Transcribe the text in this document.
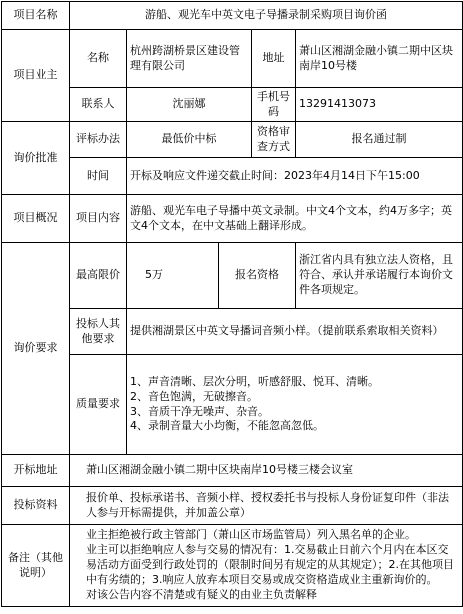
项目名称	游船、观光车中英文电子导播录制采购项目询价函				
项目业主	名称	杭州跨湖桥景区建设管理有限公司		地址	萧山区湘湖金融小镇二期中区块南岸10号楼
	联系人	沈丽娜		手机号码	13291413073
询价批准	评标办法	最低价中标		资格审查方式	报名通过制
	时间	开标及响应文件递交截止时间：2023年4月14日下午15:00			
项目概况	项目内容	游船、观光车电子导播中英文录制。中文4个文本，约4万多字；英文4个文本，在中文基础上翻译形成。			
询价要求	最高限价	5万	报名资格		浙江省内具有独立法人资格，且符合、承认并承诺履行本询价文件各项规定。
	投标人其他要求	提供湘湖景区中英文导播词音频小样。（提前联系索取相关资料）			
	质量要求	1、声音清晰、层次分明，听感舒服、悦耳、清晰。
2、音色饱满，无破擦音。
3、音质干净无噪声、杂音。
4、录制音量大小均衡，不能忽高忽低。			

开标地址	萧山区湘湖金融小镇二期中区块南岸10号楼三楼会议室				
投标资料	报价单、投标承诺书、音频小样、授权委托书与投标人身份证复印件（非法人参与开标需提供，并加盖公章）				
备注（其他说明）	业主拒绝被行政主管部门（萧山区市场监管局）列入黑名单的企业。
业主可以拒绝响应人参与交易的情况有：1.交易截止日前六个月内在本区交易活动方面受到行政处罚的（限制时间另有规定的从其规定）；2.在其他项目中有劣绩的；3.响应人放弃本项目交易或成交资格造成业主重新询价的。
对该公告内容不清楚或有疑义的由业主负责解释				
